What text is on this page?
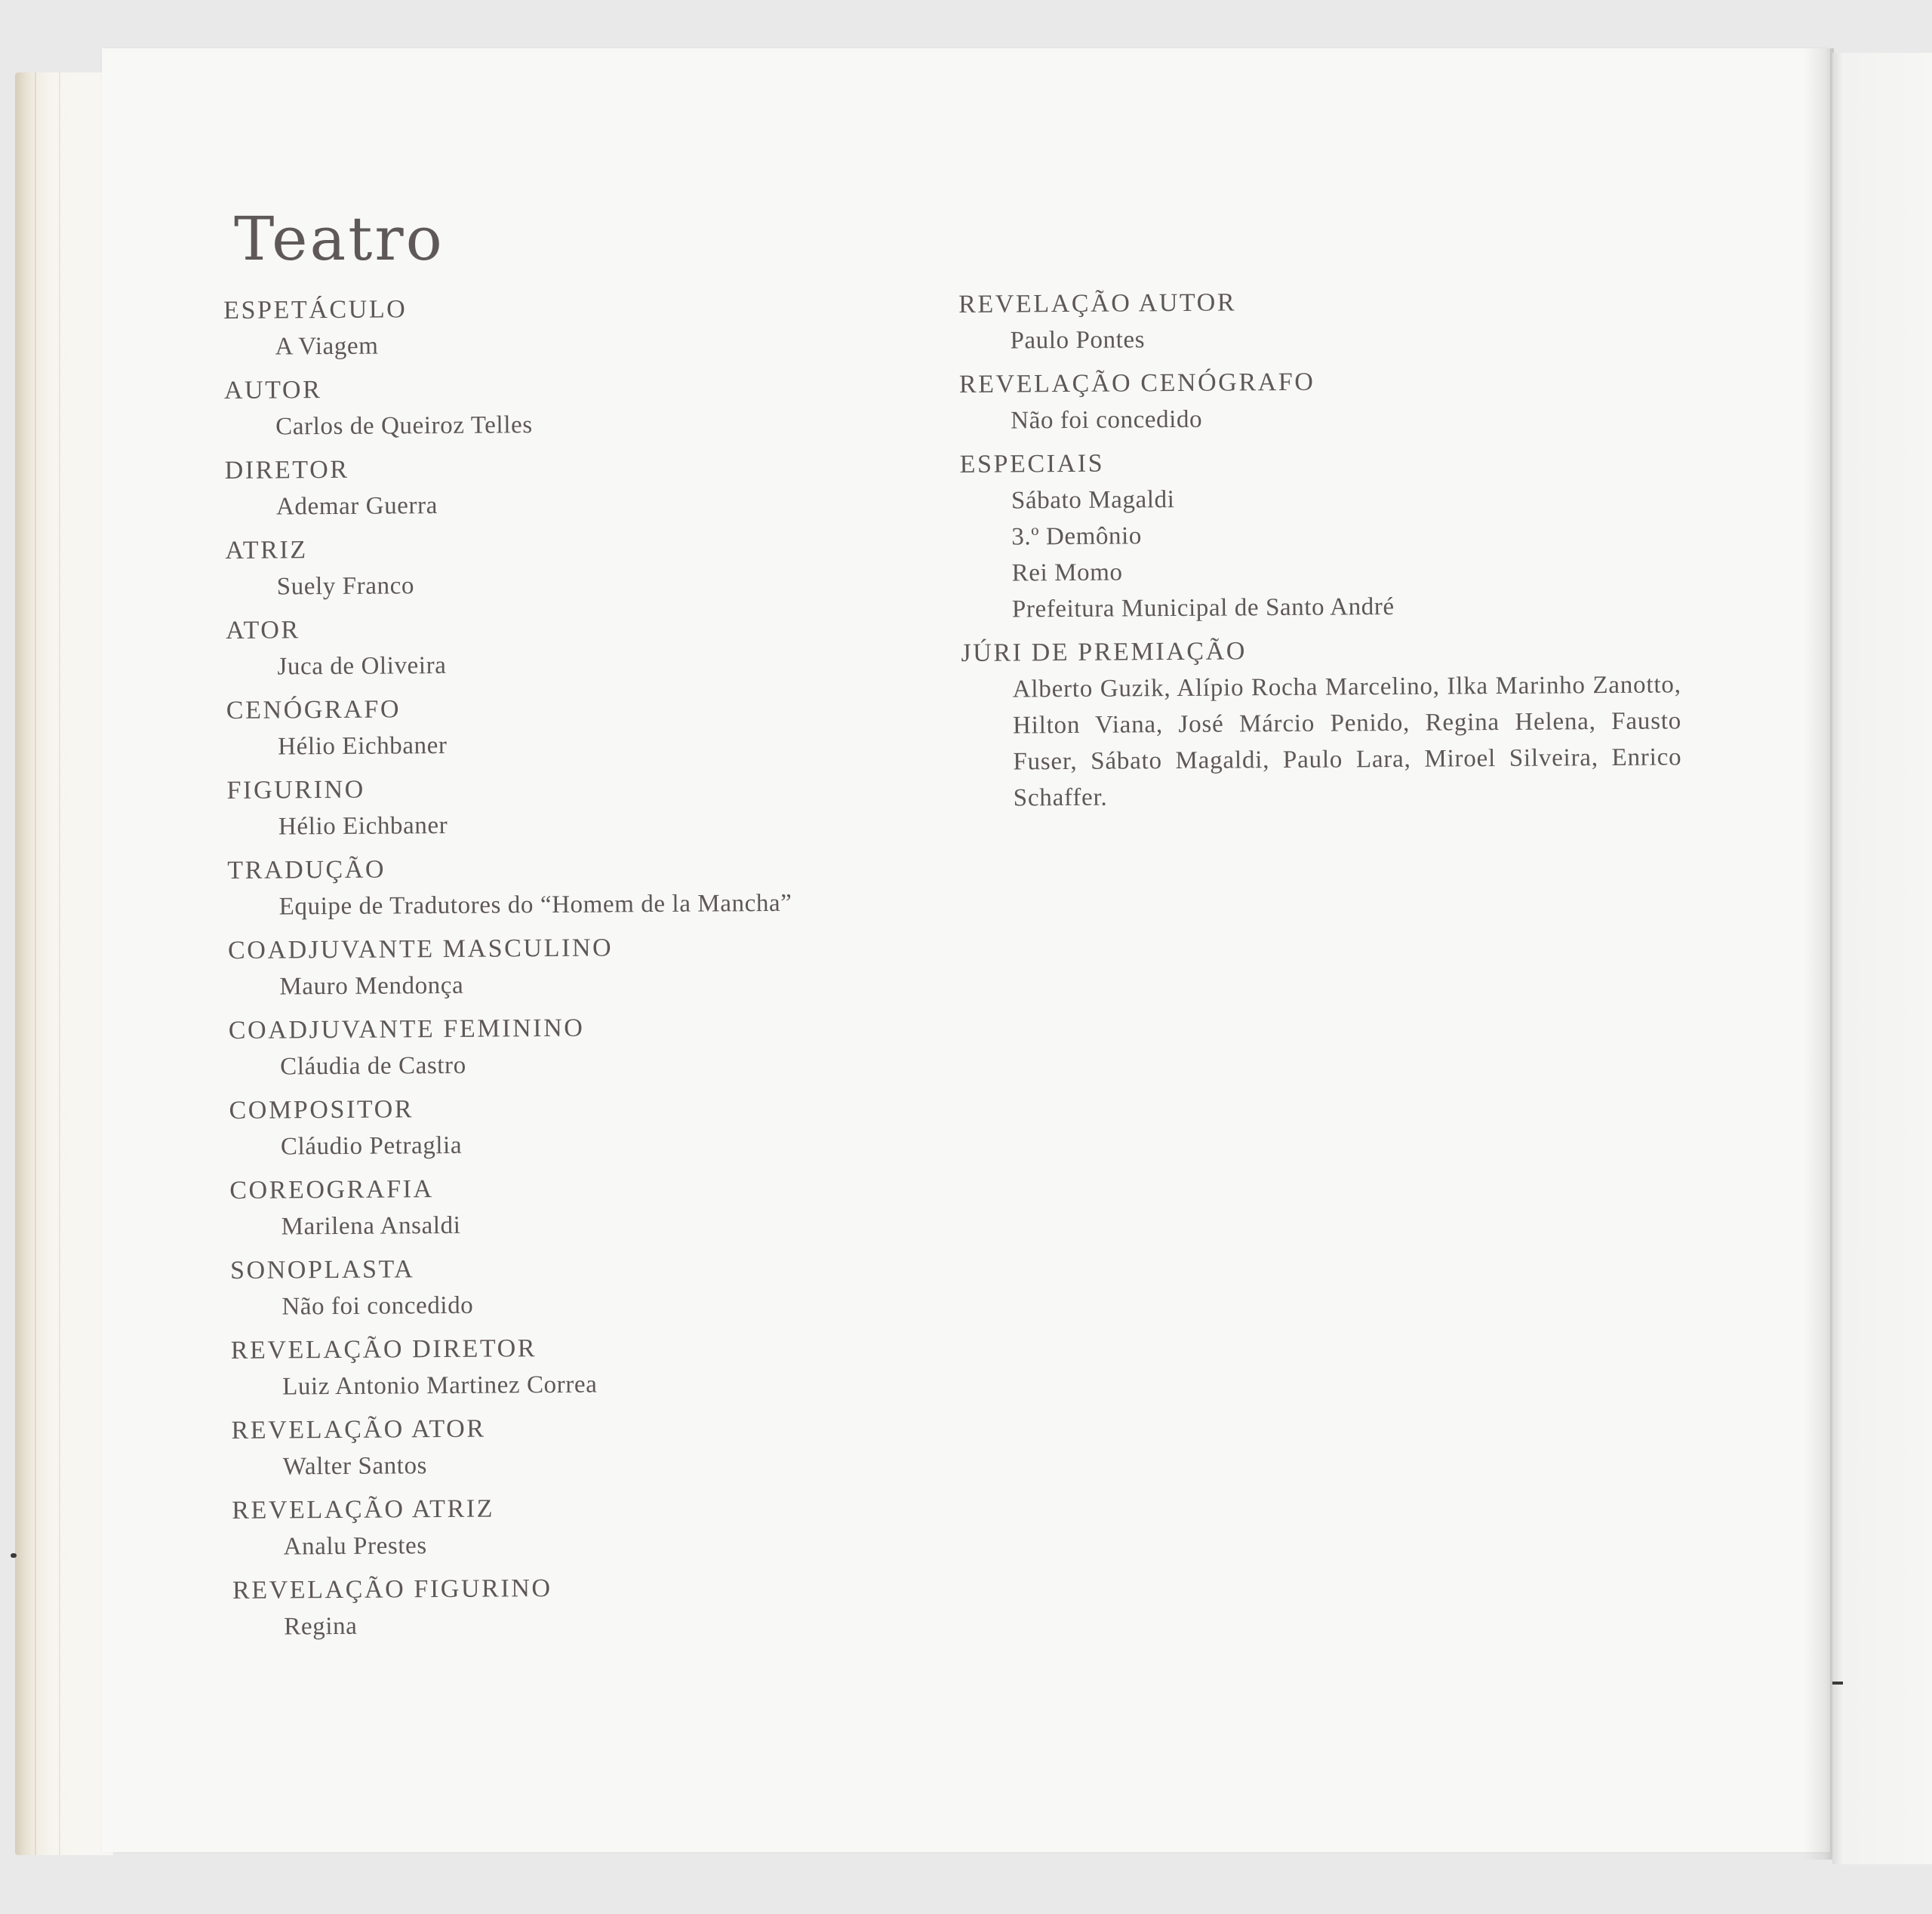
Teatro
ESPETÁCULO
A Viagem
AUTOR
Carlos de Queiroz Telles
DIRETOR
Ademar Guerra
ATRIZ
Suely Franco
ATOR
Juca de Oliveira
CENÓGRAFO
Hélio Eichbaner
FIGURINO
Hélio Eichbaner
TRADUÇÃO
Equipe de Tradutores do “Homem de la Mancha”
COADJUVANTE MASCULINO
Mauro Mendonça
COADJUVANTE FEMININO
Cláudia de Castro
COMPOSITOR
Cláudio Petraglia
COREOGRAFIA
Marilena Ansaldi
SONOPLASTA
Não foi concedido
REVELAÇÃO DIRETOR
Luiz Antonio Martinez Correa
REVELAÇÃO ATOR
Walter Santos
REVELAÇÃO ATRIZ
Analu Prestes
REVELAÇÃO FIGURINO
Regina
REVELAÇÃO AUTOR
Paulo Pontes
REVELAÇÃO CENÓGRAFO
Não foi concedido
ESPECIAIS
Sábato Magaldi
3.º Demônio
Rei Momo
Prefeitura Municipal de Santo André
JÚRI DE PREMIAÇÃO
Alberto Guzik, Alípio Rocha Marcelino, Ilka Marinho Zanotto, Hilton Viana, José Márcio Penido, Regina Helena, Fausto Fuser, Sábato Magaldi, Paulo Lara, Miroel Silveira, Enrico Schaffer.
